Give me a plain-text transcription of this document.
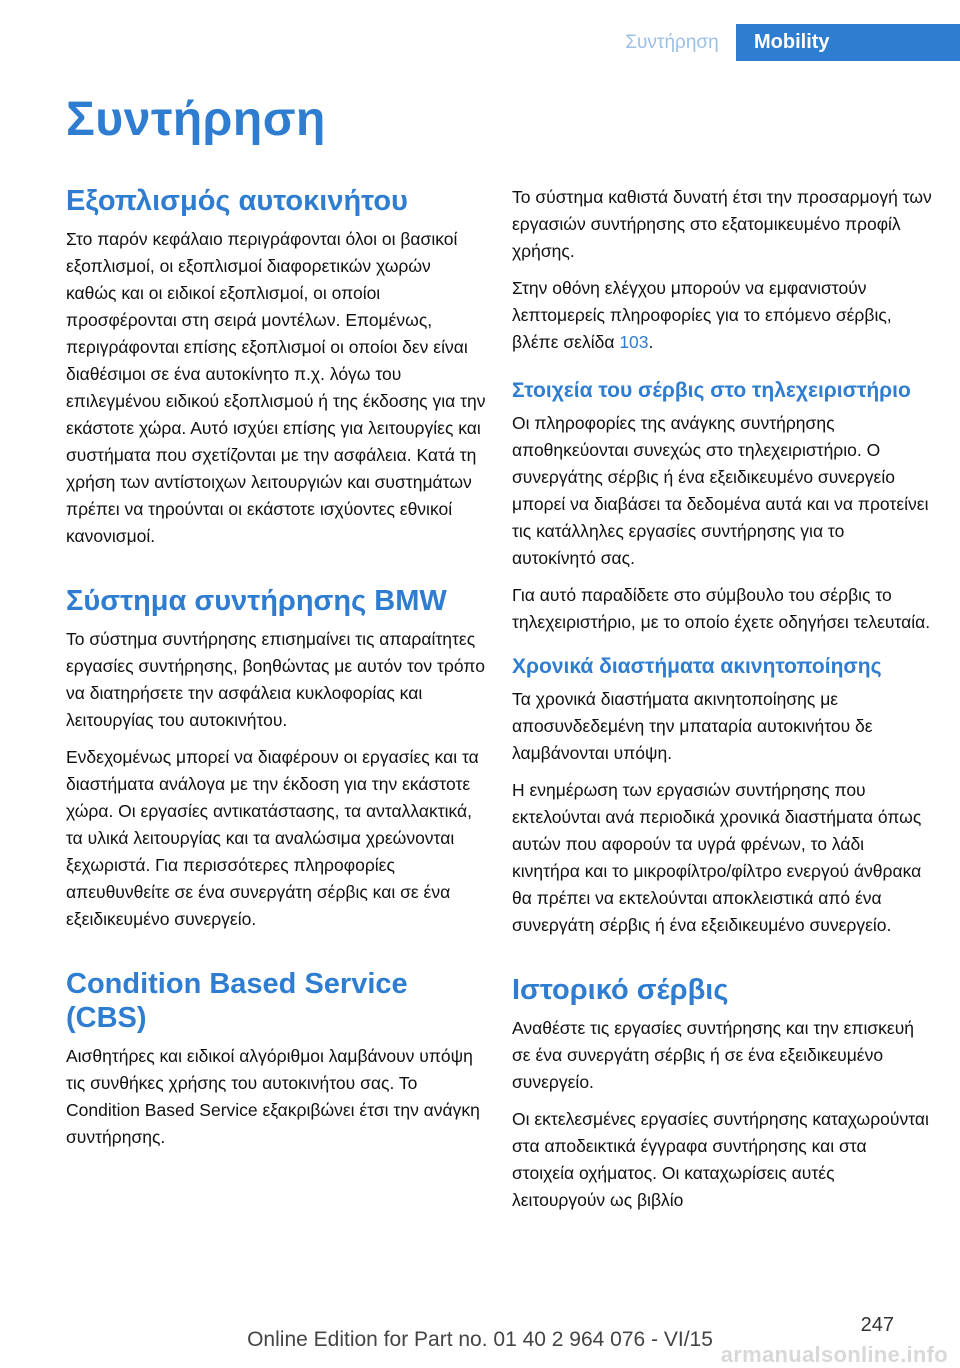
Συντήρηση	Mobility
Συντήρηση
Εξοπλισμός αυτοκινήτου

Στο παρόν κεφάλαιο περιγράφονται όλοι οι βασικοί εξοπλισμοί, οι εξοπλισμοί διαφορετικών χωρών καθώς και οι ειδικοί εξοπλισμοί, οι οποίοι προσφέρονται στη σειρά μοντέλων. Επομένως, περιγράφονται επίσης εξοπλισμοί οι οποίοι δεν είναι διαθέσιμοι σε ένα αυτοκίνητο π.χ. λόγω του επιλεγμένου ειδικού εξοπλισμού ή της έκδοσης για την εκάστοτε χώρα. Αυτό ισχύει επίσης για λειτουργίες και συστήματα που σχετίζονται με την ασφάλεια. Κατά τη χρήση των αντίστοιχων λειτουργιών και συστημάτων πρέπει να τηρούνται οι εκάστοτε ισχύοντες εθνικοί κανονισμοί.

Σύστημα συντήρησης BMW

Το σύστημα συντήρησης επισημαίνει τις απαραίτητες εργασίες συντήρησης, βοηθώντας με αυτόν τον τρόπο να διατηρήσετε την ασφάλεια κυκλοφορίας και λειτουργίας του αυτοκινήτου.

Ενδεχομένως μπορεί να διαφέρουν οι εργασίες και τα διαστήματα ανάλογα με την έκδοση για την εκάστοτε χώρα. Οι εργασίες αντικατάστασης, τα ανταλλακτικά, τα υλικά λειτουργίας και τα αναλώσιμα χρεώνονται ξεχωριστά. Για περισσότερες πληροφορίες απευθυνθείτε σε ένα συνεργάτη σέρβις και σε ένα εξειδικευμένο συνεργείο.

Condition Based Service (CBS)

Αισθητήρες και ειδικοί αλγόριθμοι λαμβάνουν υπόψη τις συνθήκες χρήσης του αυτοκινήτου σας. Το Condition Based Service εξακριβώνει έτσι την ανάγκη συντήρησης.

Το σύστημα καθιστά δυνατή έτσι την προσαρμογή των εργασιών συντήρησης στο εξατομικευμένο προφίλ χρήσης.

Στην οθόνη ελέγχου μπορούν να εμφανιστούν λεπτομερείς πληροφορίες για το επόμενο σέρβις, βλέπε σελίδα 103.

Στοιχεία του σέρβις στο τηλεχειριστήριο

Οι πληροφορίες της ανάγκης συντήρησης αποθηκεύονται συνεχώς στο τηλεχειριστήριο. Ο συνεργάτης σέρβις ή ένα εξειδικευμένο συνεργείο μπορεί να διαβάσει τα δεδομένα αυτά και να προτείνει τις κατάλληλες εργασίες συντήρησης για το αυτοκίνητό σας.

Για αυτό παραδίδετε στο σύμβουλο του σέρβις το τηλεχειριστήριο, με το οποίο έχετε οδηγήσει τελευταία.

Χρονικά διαστήματα ακινητοποίησης

Τα χρονικά διαστήματα ακινητοποίησης με αποσυνδεδεμένη την μπαταρία αυτοκινήτου δε λαμβάνονται υπόψη.

Η ενημέρωση των εργασιών συντήρησης που εκτελούνται ανά περιοδικά χρονικά διαστήματα όπως αυτών που αφορούν τα υγρά φρένων, το λάδι κινητήρα και το μικροφίλτρο/φίλτρο ενεργού άνθρακα θα πρέπει να εκτελούνται αποκλειστικά από ένα συνεργάτη σέρβις ή ένα εξειδικευμένο συνεργείο.

Ιστορικό σέρβις

Αναθέστε τις εργασίες συντήρησης και την επισκευή σε ένα συνεργάτη σέρβις ή σε ένα εξειδικευμένο συνεργείο.

Οι εκτελεσμένες εργασίες συντήρησης καταχωρούνται στα αποδεικτικά έγγραφα συντήρησης και στα στοιχεία οχήματος. Οι καταχωρίσεις αυτές λειτουργούν ως βιβλίο

247
Online Edition for Part no. 01 40 2 964 076 - VI/15
armanualsonline.info
